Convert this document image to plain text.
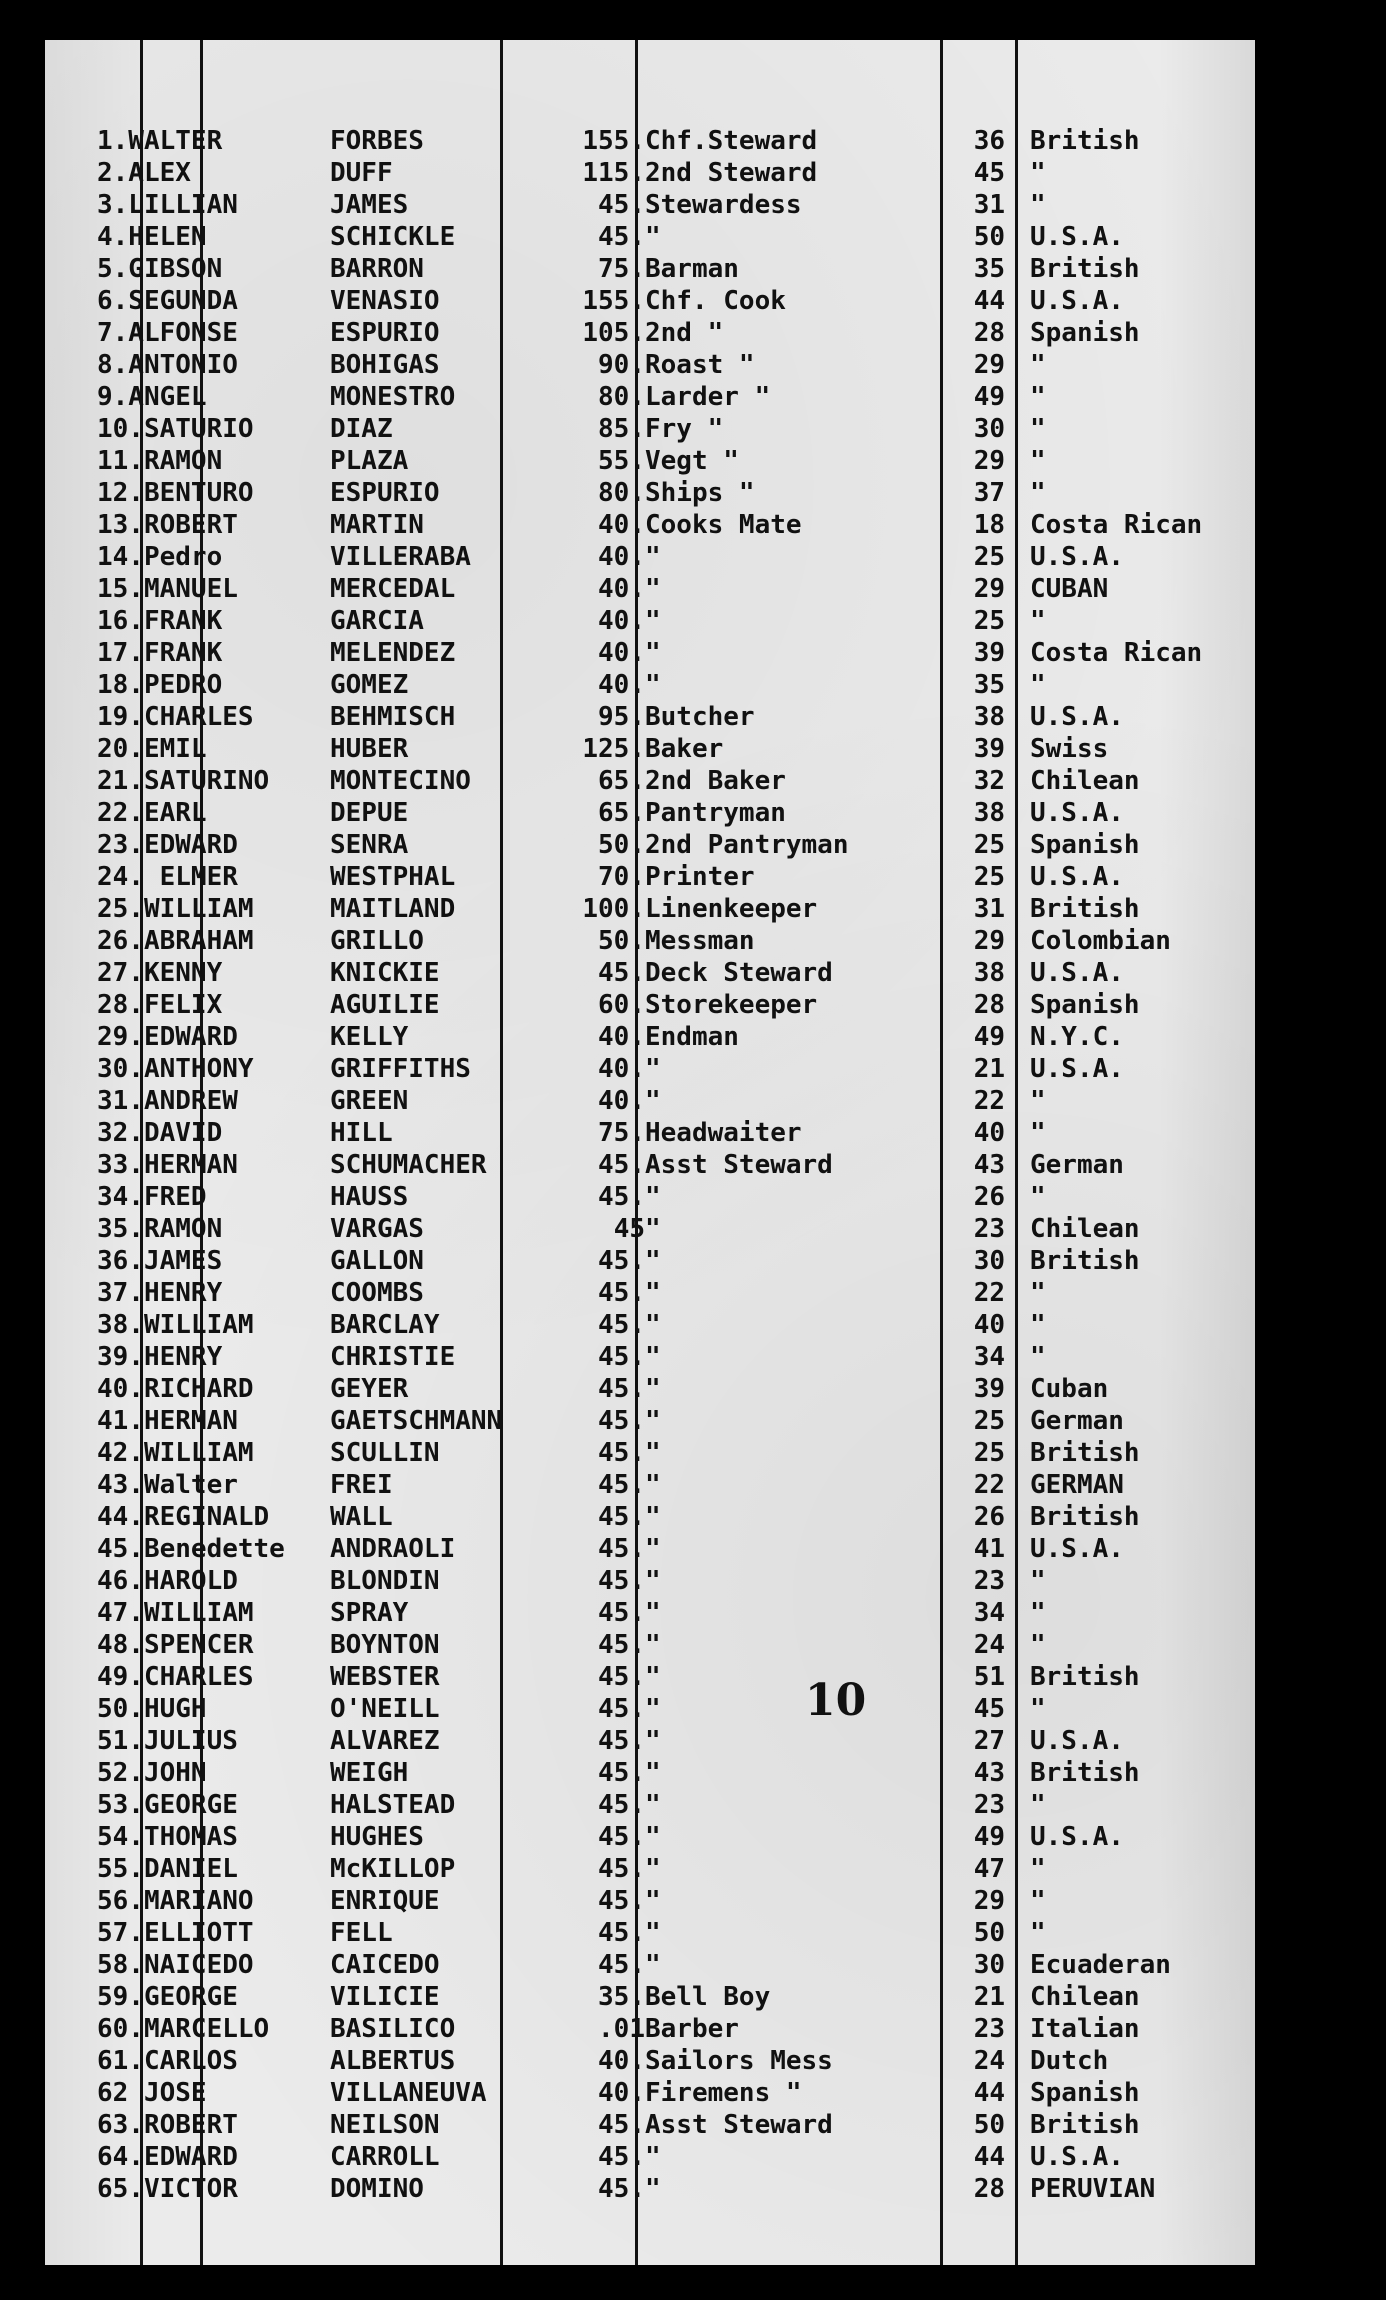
1.WALTER	FORBES	155. Chf.Steward	36 British
2.ALEX	DUFF	115. 2nd Steward	45 "
3.LILLIAN	JAMES	45. Stewardess	31 "
4.HELEN	SCHICKLE	45. "	50 U.S.A.
5.GIBSON	BARRON	75. Barman	35 British
6.SEGUNDA	VENASIO	155. Chf. Cook	44 U.S.A.
7.ALFONSE	ESPURIO	105. 2nd "	28 Spanish
8.ANTONIO	BOHIGAS	90. Roast "	29 "
9.ANGEL	MONESTRO	80. Larder "	49 "
10.SATURIO	DIAZ	85. Fry "	30 "
11.RAMON	PLAZA	55. Vegt "	29 "
12.BENTURO	ESPURIO	80. Ships "	37 "
13.ROBERT	MARTIN	40. Cooks Mate	18 Costa Rican
14.Pedro	VILLERABA	40. "	25 U.S.A.
15.MANUEL	MERCEDAL	40. "	29 CUBAN
16.FRANK	GARCIA	40. "	25 "
17.FRANK	MELENDEZ	40. "	39 Costa Rican
18.PEDRO	GOMEZ	40. "	35 "
19.CHARLES	BEHMISCH	95. Butcher	38 U.S.A.
20.EMIL	HUBER	125. Baker	39 Swiss
21.SATURINO MONTECINO	65. 2nd Baker	32 Chilean
22.EARL	DEPUE	65. Pantryman	38 U.S.A.
23.EDWARD	SENRA	50. 2nd Pantryman	25 Spanish
24. ELMER	WESTPHAL	70. Printer	25 U.S.A.
25.WILLIAM	MAITLAND	100. Linenkeeper	31 British
26.ABRAHAM	GRILLO	50. Messman	29 Colombian
27.KENNY	KNICKIE	45. Deck Steward	38 U.S.A.
28.FELIX	AGUILIE	60. Storekeeper	28 Spanish
29.EDWARD	KELLY	40. Endman	49 N.Y.C.
30.ANTHONY	GRIFFITHS	40. "	21 U.S.A.
31.ANDREW	GREEN	40. "	22 "
32.DAVID	HILL	75. Headwaiter	40 "
33.HERMAN	SCHUMACHER	45. Asst Steward	43 German
34.FRED	HAUSS	45. "	26 "
35.RAMON	VARGAS	45 "	23 Chilean
36.JAMES	GALLON	45. "	30 British
37.HENRY	COOMBS	45. "	22 "
38.WILLIAM	BARCLAY	45. "	40 "
39.HENRY	CHRISTIE	45. "	34 "
40.RICHARD	GEYER	45. "	39 Cuban
41.HERMAN	GAETSCHMANN	45. "	25 German
42.WILLIAM	SCULLIN	45. "	25 British
43.Walter	FREI	45. "	22 GERMAN
44.REGINALD WALL	45. "	26 British
45.Benedette ANDRAOLI	45. "	41 U.S.A.
46.HAROLD	BLONDIN	45. "	23 "
47.WILLIAM	SPRAY	45. "	34 "
48.SPENCER	BOYNTON	45. "	24 "
49.CHARLES	WEBSTER	45. "	51 British
50.HUGH	O'NEILL	45. "	45 "
51.JULIUS	ALVAREZ	45. "	27 U.S.A.
52.JOHN	WEIGH	45. "	43 British
53.GEORGE	HALSTEAD	45. "	23 "
54.THOMAS	HUGHES	45. "	49 U.S.A.
55.DANIEL	McKILLOP	45. "	47 "
56.MARIANO	ENRIQUE	45. "	29 "
57.ELLIOTT	FELL	45. "	50 "
58.NAICEDO	CAICEDO	45. "	30 Ecuaderan
59.GEORGE	VILICIE	35. Bell Boy	21 Chilean
60.MARCELLO BASILICO	.01 Barber	23 Italian
61.CARLOS	ALBERTUS	40. Sailors Mess	24 Dutch
62 JOSE	VILLANEUVA	40. Firemens "	44 Spanish
63.ROBERT	NEILSON	45. Asst Steward	50 British
64.EDWARD	CARROLL	45. "	44 U.S.A.
65.VICTOR	DOMINO	45. "	28 PERUVIAN
10
